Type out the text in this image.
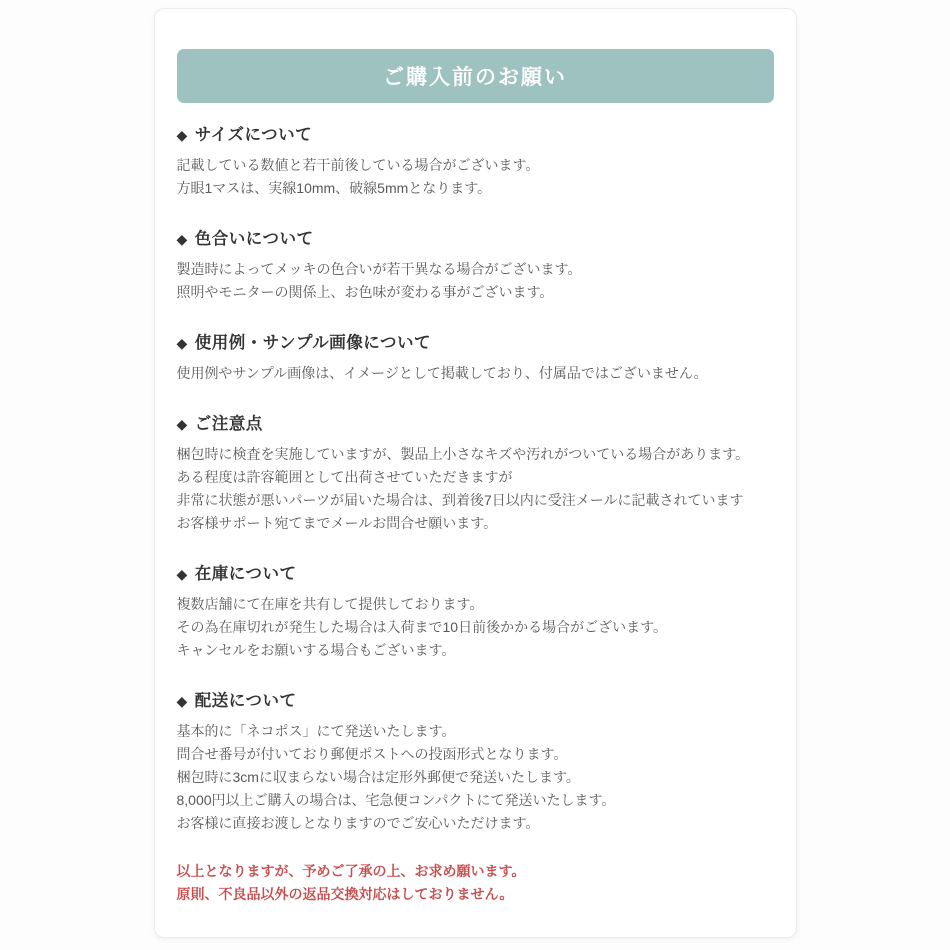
ご購入前のお願い
◆ サイズについて

記載している数値と若干前後している場合がございます。
方眼1マスは、実線10mm、破線5mmとなります。

◆ 色合いについて

製造時によってメッキの色合いが若干異なる場合がございます。
照明やモニターの関係上、お色味が変わる事がございます。

◆ 使用例・サンプル画像について

使用例やサンプル画像は、イメージとして掲載しており、付属品ではございません。

◆ ご注意点

梱包時に検査を実施していますが、製品上小さなキズや汚れがついている場合があります。
ある程度は許容範囲として出荷させていただきますが
非常に状態が悪いパーツが届いた場合は、到着後7日以内に受注メールに記載されています
お客様サポート宛てまでメールお問合せ願います。

◆ 在庫について

複数店舗にて在庫を共有して提供しております。
その為在庫切れが発生した場合は入荷まで10日前後かかる場合がございます。
キャンセルをお願いする場合もございます。

◆ 配送について

基本的に「ネコポス」にて発送いたします。
問合せ番号が付いており郵便ポストへの投函形式となります。
梱包時に3cmに収まらない場合は定形外郵便で発送いたします。
8,000円以上ご購入の場合は、宅急便コンパクトにて発送いたします。
お客様に直接お渡しとなりますのでご安心いただけます。

以上となりますが、予めご了承の上、お求め願います。
原則、不良品以外の返品交換対応はしておりません。
